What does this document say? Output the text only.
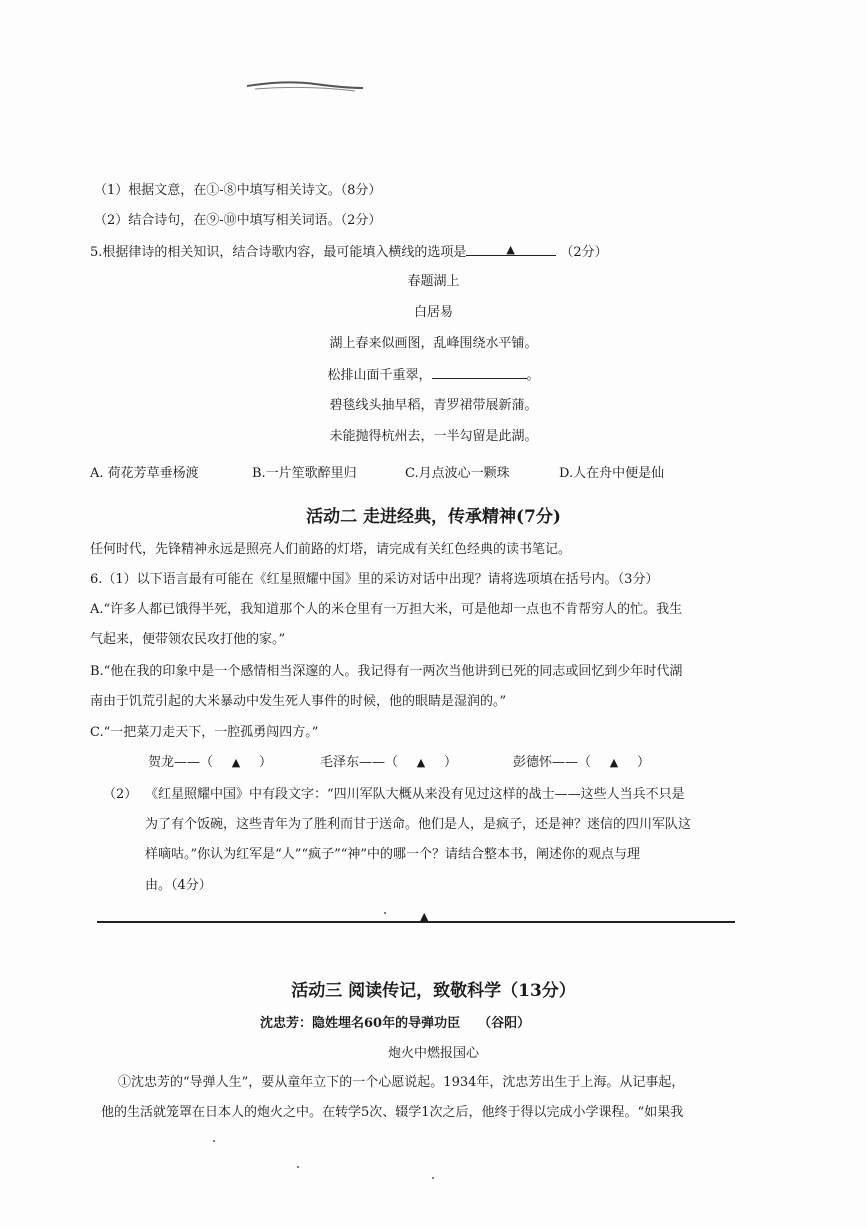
（1）根据文意，在①-⑧中填写相关诗文。（8分）
（2）结合诗句，在⑨-⑩中填写相关词语。（2分）
5.根据律诗的相关知识，结合诗歌内容，最可能填入横线的选项是	▲	（2分）
春题湖上
白居易
湖上春来似画图，乱峰围绕水平铺。
松排山面千重翠，	。
碧毯线头抽早稻，青罗裙带展新蒲。
未能抛得杭州去，一半勾留是此湖。
A. 荷花芳草垂杨渡	B.一片笙歌醉里归	C.月点波心一颗珠	D.人在舟中便是仙
活动二 走进经典，传承精神(7分)
任何时代，先锋精神永远是照亮人们前路的灯塔，请完成有关红色经典的读书笔记。
6.（1）以下语言最有可能在《红星照耀中国》里的采访对话中出现？请将选项填在括号内。（3分）
A.“许多人都已饿得半死，我知道那个人的米仓里有一万担大米，可是他却一点也不肯帮穷人的忙。我生
气起来，便带领农民攻打他的家。”
B.“他在我的印象中是一个感情相当深邃的人。我记得有一两次当他讲到已死的同志或回忆到少年时代湖
南由于饥荒引起的大米暴动中发生死人事件的时候，他的眼睛是湿润的。”
C.“一把菜刀走天下，一腔孤勇闯四方。”
贺龙——（ ▲ ）	毛泽东——（ ▲ ）	彭德怀——（ ▲ ）
（2） 《红星照耀中国》中有段文字：“四川军队大概从来没有见过这样的战士——这些人当兵不只是
为了有个饭碗，这些青年为了胜利而甘于送命。他们是人，是疯子，还是神？迷信的四川军队这
样嘀咕。”你认为红军是“人”“疯子”“神”中的哪一个？请结合整本书，阐述你的观点与理
由。（4分）
▲
活动三 阅读传记，致敬科学（13分）
沈忠芳：隐姓埋名60年的导弹功臣 （谷阳）
炮火中燃报国心
①沈忠芳的“导弹人生”，要从童年立下的一个心愿说起。1934年，沈忠芳出生于上海。从记事起，
他的生活就笼罩在日本人的炮火之中。在转学5次、辍学1次之后，他终于得以完成小学课程。“如果我
